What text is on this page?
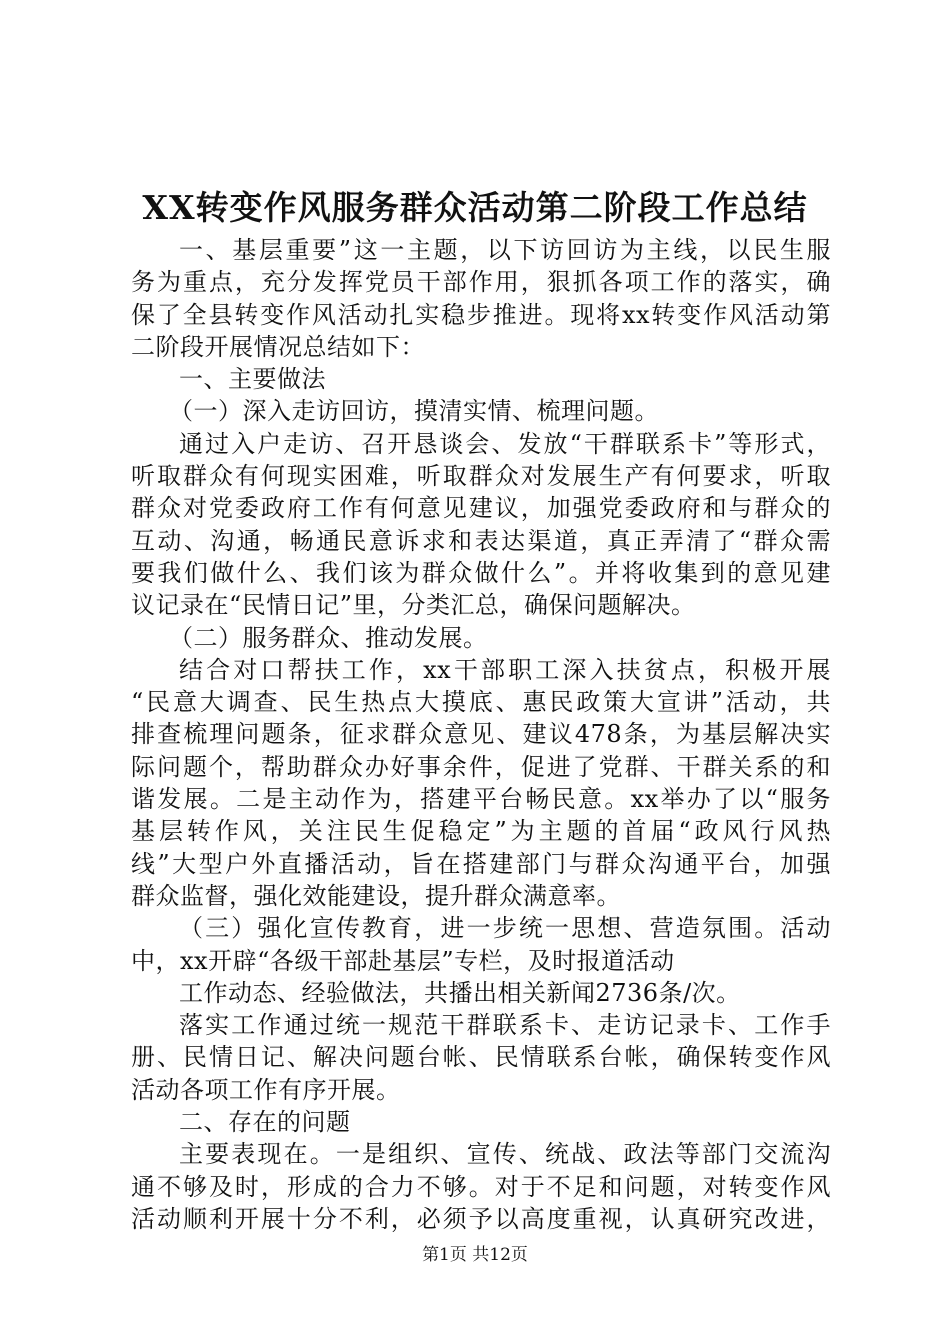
XX转变作风服务群众活动第二阶段工作总结
一、基层重要”这一主题，以下访回访为主线，以民生服
务为重点，充分发挥党员干部作用，狠抓各项工作的落实，确
保了全县转变作风活动扎实稳步推进。现将xx转变作风活动第
二阶段开展情况总结如下：
一、主要做法
（一）深入走访回访，摸清实情、梳理问题。
通过入户走访、召开恳谈会、发放“干群联系卡”等形式，
听取群众有何现实困难，听取群众对发展生产有何要求，听取
群众对党委政府工作有何意见建议，加强党委政府和与群众的
互动、沟通，畅通民意诉求和表达渠道，真正弄清了“群众需
要我们做什么、我们该为群众做什么”。并将收集到的意见建
议记录在“民情日记”里，分类汇总，确保问题解决。
（二）服务群众、推动发展。
结合对口帮扶工作，xx干部职工深入扶贫点，积极开展
“民意大调查、民生热点大摸底、惠民政策大宣讲”活动，共
排查梳理问题条，征求群众意见、建议478条，为基层解决实
际问题个，帮助群众办好事余件，促进了党群、干群关系的和
谐发展。二是主动作为，搭建平台畅民意。xx举办了以“服务
基层转作风，关注民生促稳定”为主题的首届“政风行风热
线”大型户外直播活动，旨在搭建部门与群众沟通平台，加强
群众监督，强化效能建设，提升群众满意率。
（三）强化宣传教育，进一步统一思想、营造氛围。活动
中，xx开辟“各级干部赴基层”专栏，及时报道活动
工作动态、经验做法，共播出相关新闻2736条/次。
落实工作通过统一规范干群联系卡、走访记录卡、工作手
册、民情日记、解决问题台帐、民情联系台帐，确保转变作风
活动各项工作有序开展。
二、存在的问题
主要表现在。一是组织、宣传、统战、政法等部门交流沟
通不够及时，形成的合力不够。对于不足和问题，对转变作风
活动顺利开展十分不利，必须予以高度重视，认真研究改进，
第1页 共12页
